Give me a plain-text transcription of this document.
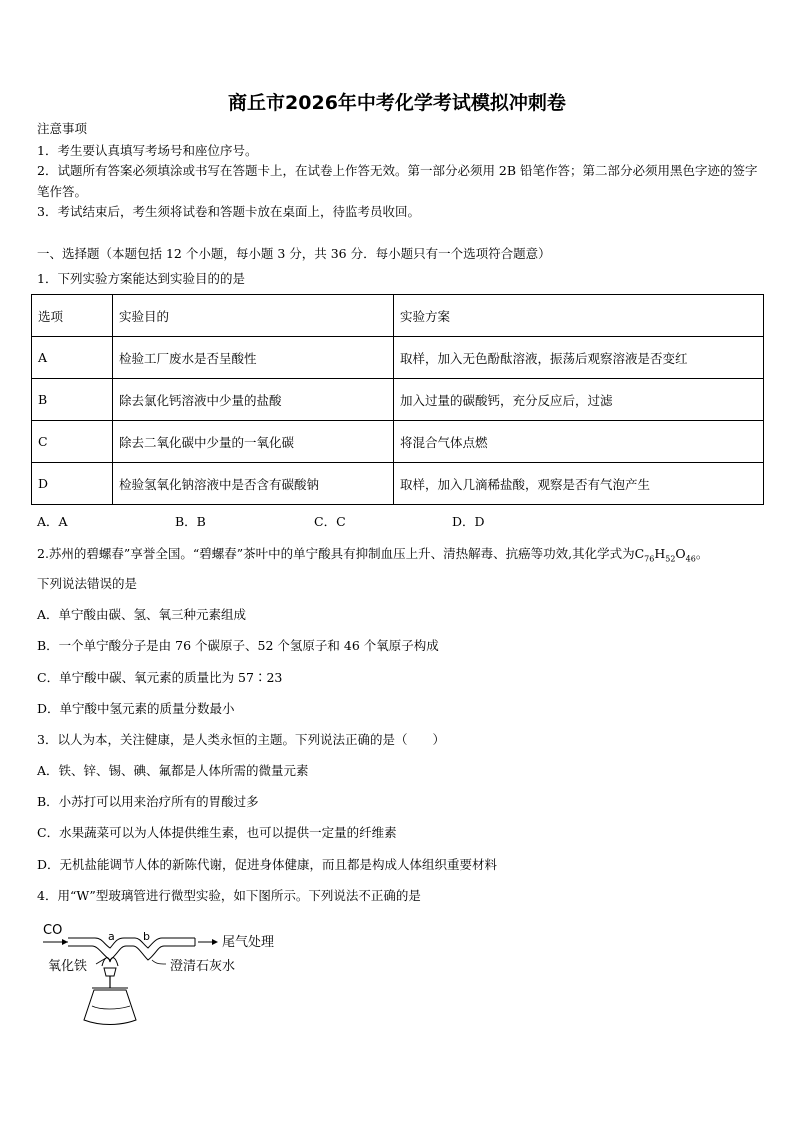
商丘市2026年中考化学考试模拟冲刺卷
注意事项
1．考生要认真填写考场号和座位序号。
2．试题所有答案必须填涂或书写在答题卡上，在试卷上作答无效。第一部分必须用 2B 铅笔作答；第二部分必须用黑色字迹的签字笔作答。
3．考试结束后，考生须将试卷和答题卡放在桌面上，待监考员收回。
一、选择题（本题包括 12 个小题，每小题 3 分，共 36 分．每小题只有一个选项符合题意）
1．下列实验方案能达到实验目的的是
选项	实验目的	实验方案
A	检验工厂废水是否呈酸性	取样，加入无色酚酞溶液，振荡后观察溶液是否变红
B	除去氯化钙溶液中少量的盐酸	加入过量的碳酸钙，充分反应后，过滤
C	除去二氧化碳中少量的一氧化碳	将混合气体点燃
D	检验氢氧化钠溶液中是否含有碳酸钠	取样，加入几滴稀盐酸，观察是否有气泡产生
A．A	B．B	C．C	D．D
2.苏州的碧螺春”享誉全国。“碧螺春”茶叶中的单宁酸具有抑制血压上升、清热解毒、抗癌等功效,其化学式为$C_{76}H_{52}O_{46}$。
下列说法错误的是
A．单宁酸由碳、氢、氧三种元素组成
B．一个单宁酸分子是由 76 个碳原子、52 个氢原子和 46 个氧原子构成
C．单宁酸中碳、氧元素的质量比为 57∶23
D．单宁酸中氢元素的质量分数最小
3．以人为本，关注健康，是人类永恒的主题。下列说法正确的是（　　）
A．铁、锌、锡、碘、氟都是人体所需的微量元素
B．小苏打可以用来治疗所有的胃酸过多
C．水果蔬菜可以为人体提供维生素，也可以提供一定量的纤维素
D．无机盐能调节人体的新陈代谢，促进身体健康，而且都是构成人体组织重要材料
4．用“W”型玻璃管进行微型实验，如下图所示。下列说法不正确的是
CO	a	b	尾气处理
氧化铁	澄清石灰水
